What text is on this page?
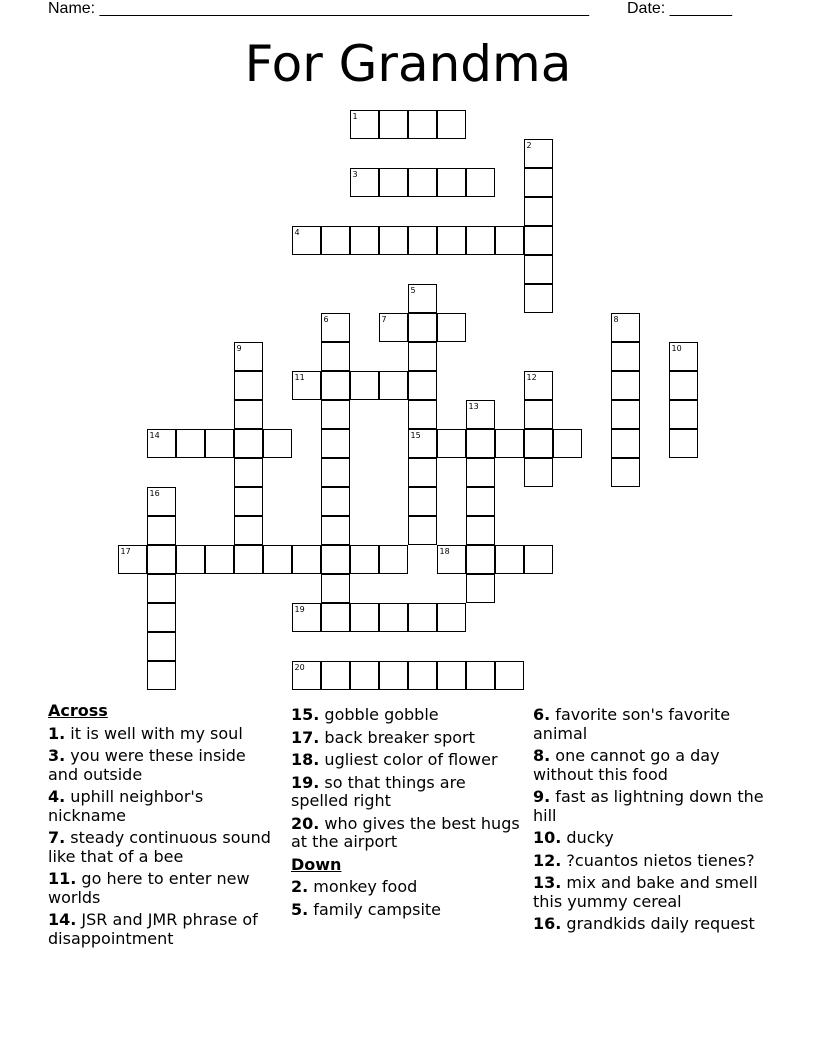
Name: _______________________________________________________ Date: _______
For Grandma
1
2
3
4
5
15
6	7	8
9	10
11	12
13
14
16
17	18
19
20
Across
1. it is well with my soul
3. you were these inside and outside
4. uphill neighbor's nickname
7. steady continuous sound like that of a bee
11. go here to enter new worlds
14. JSR and JMR phrase of disappointment
15. gobble gobble
17. back breaker sport
18. ugliest color of flower
19. so that things are spelled right
20. who gives the best hugs at the airport
Down
2. monkey food
5. family campsite
6. favorite son's favorite animal
8. one cannot go a day without this food
9. fast as lightning down the hill
10. ducky
12. ?cuantos nietos tienes?
13. mix and bake and smell this yummy cereal
16. grandkids daily request
